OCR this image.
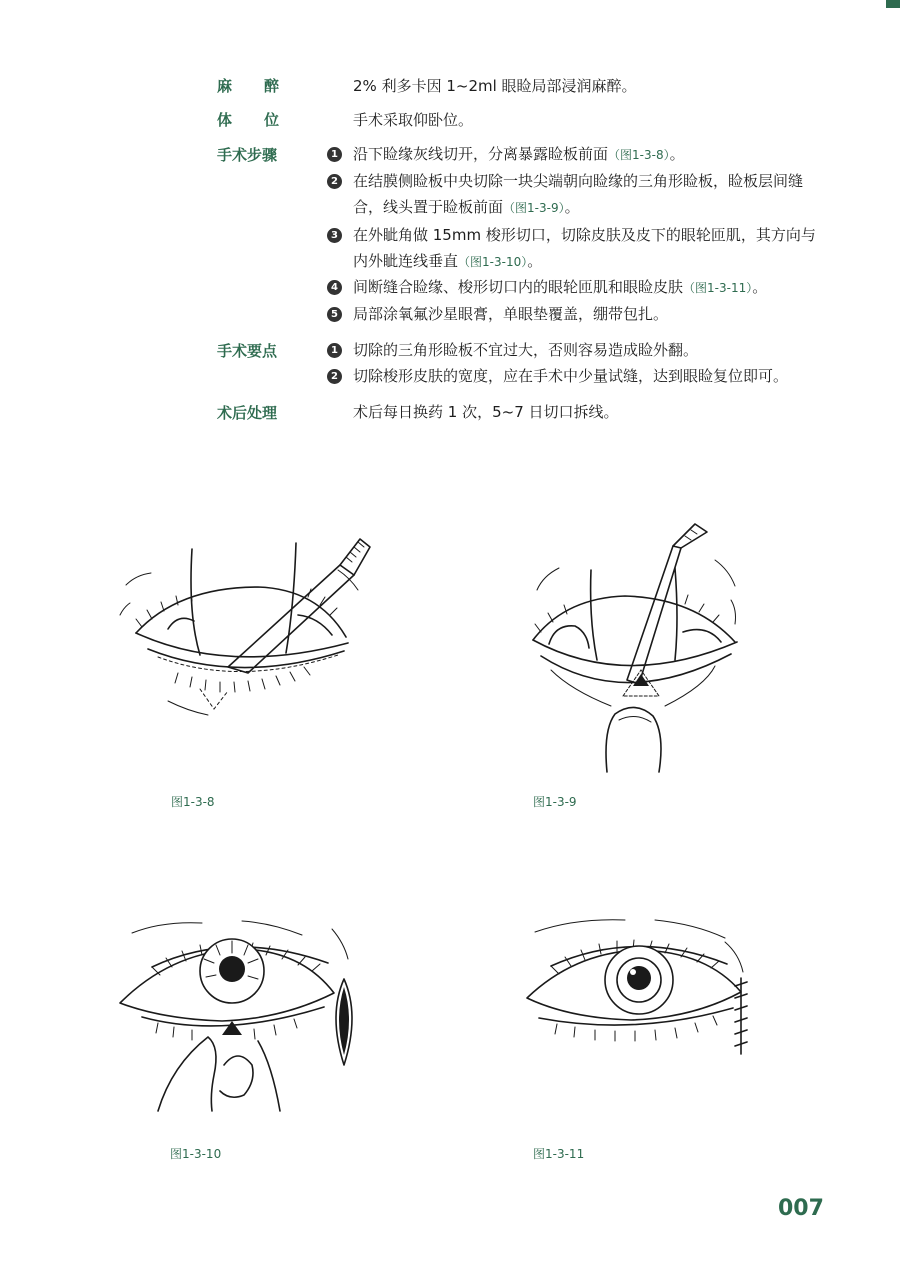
麻　醉	2% 利多卡因 1~2ml 眼睑局部浸润麻醉。
体　位	手术采取仰卧位。
手术步骤	1 沿下睑缘灰线切开，分离暴露睑板前面（图1-3-8）。
2 在结膜侧睑板中央切除一块尖端朝向睑缘的三角形睑板，睑板层间缝合，线头置于睑板前面（图1-3-9）。
3 在外眦角做 15mm 梭形切口，切除皮肤及皮下的眼轮匝肌，其方向与内外眦连线垂直（图1-3-10）。
4 间断缝合睑缘、梭形切口内的眼轮匝肌和眼睑皮肤（图1-3-11）。
5 局部涂氧氟沙星眼膏，单眼垫覆盖，绷带包扎。
手术要点	1 切除的三角形睑板不宜过大，否则容易造成睑外翻。
2 切除梭形皮肤的宽度，应在手术中少量试缝，达到眼睑复位即可。
术后处理	术后每日换药 1 次，5~7 日切口拆线。
图1-3-8	图1-3-9
图1-3-10	图1-3-11
007
